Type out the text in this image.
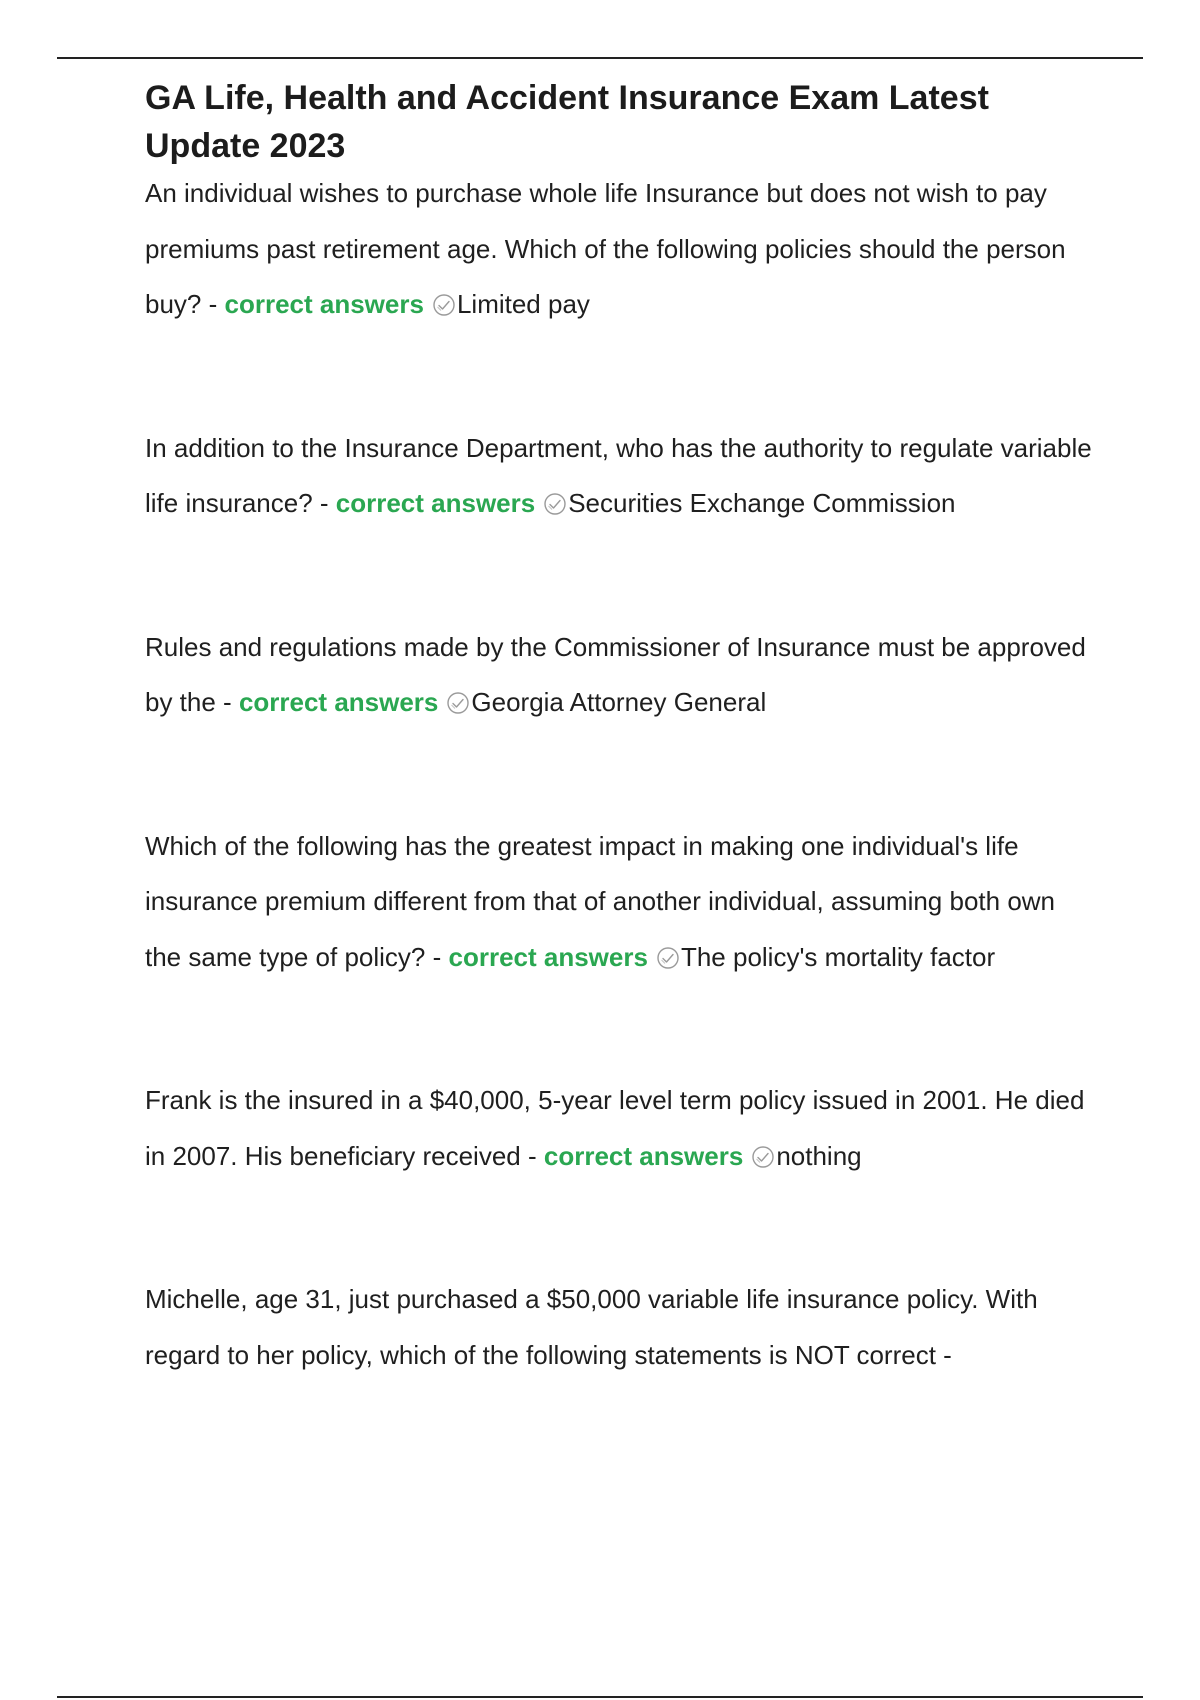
GA Life, Health and Accident Insurance Exam Latest Update 2023

An individual wishes to purchase whole life Insurance but does not wish to pay premiums past retirement age. Which of the following policies should the person buy? - correct answers Limited pay

In addition to the Insurance Department, who has the authority to regulate variable life insurance? - correct answers Securities Exchange Commission

Rules and regulations made by the Commissioner of Insurance must be approved by the - correct answers Georgia Attorney General

Which of the following has the greatest impact in making one individual's life insurance premium different from that of another individual, assuming both own the same type of policy? - correct answers The policy's mortality factor

Frank is the insured in a $40,000, 5-year level term policy issued in 2001. He died in 2007. His beneficiary received - correct answers nothing

Michelle, age 31, just purchased a $50,000 variable life insurance policy. With regard to her policy, which of the following statements is NOT correct -
